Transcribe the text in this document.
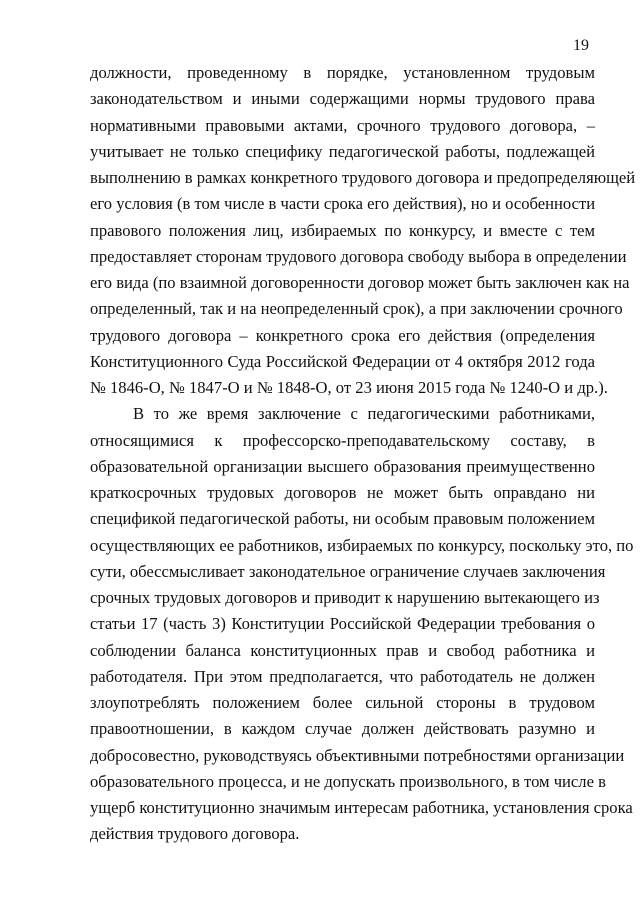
19
должности, проведенному в порядке, установленном трудовым
законодательством и иными содержащими нормы трудового права
нормативными правовыми актами, срочного трудового договора, –
учитывает не только специфику педагогической работы, подлежащей
выполнению в рамках конкретного трудового договора и предопределяющей
его условия (в том числе в части срока его действия), но и особенности
правового положения лиц, избираемых по конкурсу, и вместе с тем
предоставляет сторонам трудового договора свободу выбора в определении
его вида (по взаимной договоренности договор может быть заключен как на
определенный, так и на неопределенный срок), а при заключении срочного
трудового договора – конкретного срока его действия (определения
Конституционного Суда Российской Федерации от 4 октября 2012 года
№ 1846-О, № 1847-О и № 1848-О, от 23 июня 2015 года № 1240-О и др.).
В то же время заключение с педагогическими работниками,
относящимися к профессорско-преподавательскому составу, в
образовательной организации высшего образования преимущественно
краткосрочных трудовых договоров не может быть оправдано ни
спецификой педагогической работы, ни особым правовым положением
осуществляющих ее работников, избираемых по конкурсу, поскольку это, по
сути, обессмысливает законодательное ограничение случаев заключения
срочных трудовых договоров и приводит к нарушению вытекающего из
статьи 17 (часть 3) Конституции Российской Федерации требования о
соблюдении баланса конституционных прав и свобод работника и
работодателя. При этом предполагается, что работодатель не должен
злоупотреблять положением более сильной стороны в трудовом
правоотношении, в каждом случае должен действовать разумно и
добросовестно, руководствуясь объективными потребностями организации
образовательного процесса, и не допускать произвольного, в том числе в
ущерб конституционно значимым интересам работника, установления срока
действия трудового договора.
